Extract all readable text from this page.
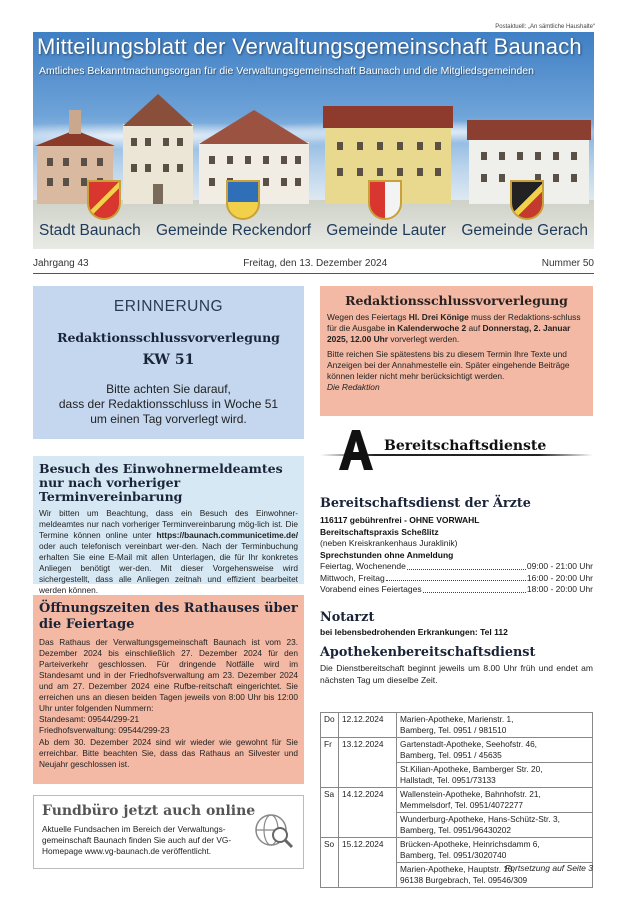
Postaktuell: „An sämtliche Haushalte“
Mitteilungsblatt der Verwaltungsgemeinschaft Baunach
Amtliches Bekanntmachungsorgan für die Verwaltungsgemeinschaft Baunach und die Mitgliedsgemeinden
Stadt Baunach Gemeinde Reckendorf Gemeinde Lauter Gemeinde Gerach
Jahrgang 43	Freitag, den 13. Dezember 2024	Nummer 50
ERINNERUNG
Redaktionsschlussvorverlegung
KW 51
Bitte achten Sie darauf,
dass der Redaktionsschluss in Woche 51
um einen Tag vorverlegt wird.
Redaktionsschlussvorverlegung

Wegen des Feiertags Hl. Drei Könige muss der Redaktions-schluss für die Ausgabe in Kalenderwoche 2 auf Donnerstag, 2. Januar 2025, 12.00 Uhr vorverlegt werden.

Bitte reichen Sie spätestens bis zu diesem Termin Ihre Texte und Anzeigen bei der Annahmestelle ein. Später eingehende Beiträge können leider nicht mehr berücksichtigt werden.

Die Redaktion

Besuch des Einwohnermeldeamtes nur nach vorheriger Terminvereinbarung
Wir bitten um Beachtung, dass ein Besuch des Einwohner-meldeamtes nur nach vorheriger Terminvereinbarung mög-lich ist. Die Termine können online unter https://baunach.communicetime.de/ oder auch telefonisch vereinbart wer-den. Nach der Terminbuchung erhalten Sie eine E-Mail mit allen Unterlagen, die für Ihr konkretes Anliegen benötigt wer-den. Mit dieser Vorgehensweise wird sichergestellt, dass alle Anliegen zeitnah und effizient bearbeitet werden können.
Öffnungszeiten des Rathauses über die Feiertage
Das Rathaus der Verwaltungsgemeinschaft Baunach ist vom 23. Dezember 2024 bis einschließlich 27. Dezember 2024 für den Parteiverkehr geschlossen. Für dringende Notfälle wird im Standesamt und in der Friedhofsverwaltung am 23. Dezember 2024 und am 27. Dezember 2024 eine Rufbe-reitschaft eingerichtet. Sie erreichen uns an diesen beiden Tagen jeweils von 8:00 Uhr bis 12:00 Uhr unter folgenden Nummern:
Standesamt: 09544/299-21
Friedhofsverwaltung: 09544/299-23
Ab dem 30. Dezember 2024 sind wir wieder wie gewohnt für Sie erreichbar. Bitte beachten Sie, dass das Rathaus an Silvester und Neujahr geschlossen ist.
Fundbüro jetzt auch online
Aktuelle Fundsachen im Bereich der Verwaltungs-gemeinschaft Baunach finden Sie auch auf der VG-Homepage www.vg-baunach.de veröffentlicht.
Bereitschaftsdienste
Bereitschaftsdienst der Ärzte
116117 gebührenfrei - OHNE VORWAHL
Bereitschaftspraxis Scheßlitz
(neben Kreiskrankenhaus Juraklinik)
Sprechstunden ohne Anmeldung
Feiertag, Wochenende	09:00 - 21:00 Uhr
Mittwoch, Freitag	16:00 - 20:00 Uhr
Vorabend eines Feiertages	18:00 - 20:00 Uhr
Notarzt
bei lebensbedrohenden Erkrankungen: Tel 112
Apothekenbereitschaftsdienst
Die Dienstbereitschaft beginnt jeweils um 8.00 Uhr früh und endet am nächsten Tag um dieselbe Zeit.
Do	12.12.2024	Marien-Apotheke, Marienstr. 1,
Bamberg, Tel. 0951 / 981510

Fr	13.12.2024	Gartenstadt-Apotheke, Seehofstr. 46,
Bamberg, Tel. 0951 / 45635

		St.Kilian-Apotheke, Bamberger Str. 20,
Hallstadt, Tel. 0951/73133

Sa	14.12.2024	Wallenstein-Apotheke, Bahnhofstr. 21,
Memmelsdorf, Tel. 0951/4072277

		Wunderburg-Apotheke, Hans-Schütz-Str. 3,
Bamberg, Tel. 0951/96430202

So	15.12.2024	Brücken-Apotheke, Heinrichsdamm 6,
Bamberg, Tel. 0951/3020740

		Marien-Apotheke, Hauptstr. 10,
96138 Burgebrach, Tel. 09546/309
Fortsetzung auf Seite 3
